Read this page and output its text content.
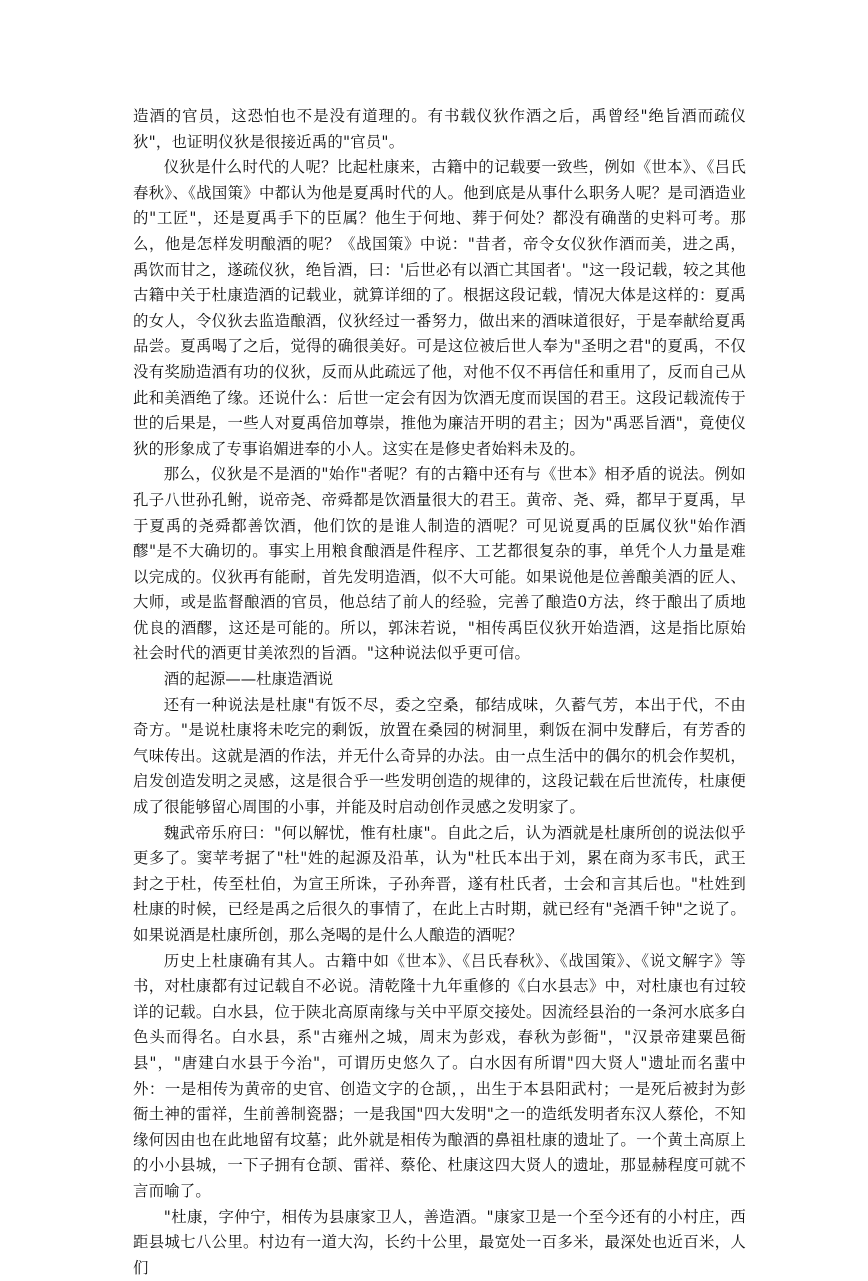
造酒的官员，这恐怕也不是没有道理的。有书载仪狄作酒之后，禹曾经"绝旨酒而疏仪狄"，也证明仪狄是很接近禹的"官员"。

仪狄是什么时代的人呢？比起杜康来，古籍中的记载要一致些，例如《世本》、《吕氏春秋》、《战国策》中都认为他是夏禹时代的人。他到底是从事什么职务人呢？是司酒造业的"工匠"，还是夏禹手下的臣属？他生于何地、葬于何处？都没有确凿的史料可考。那么，他是怎样发明酿酒的呢？《战国策》中说："昔者，帝令女仪狄作酒而美，进之禹，禹饮而甘之，遂疏仪狄，绝旨酒，曰：'后世必有以酒亡其国者'。"这一段记载，较之其他古籍中关于杜康造酒的记载业，就算详细的了。根据这段记载，情况大体是这样的：夏禹的女人，令仪狄去监造酿酒，仪狄经过一番努力，做出来的酒味道很好，于是奉献给夏禹品尝。夏禹喝了之后，觉得的确很美好。可是这位被后世人奉为"圣明之君"的夏禹，不仅没有奖励造酒有功的仪狄，反而从此疏远了他，对他不仅不再信任和重用了，反而自己从此和美酒绝了缘。还说什么：后世一定会有因为饮酒无度而误国的君王。这段记载流传于世的后果是，一些人对夏禹倍加尊崇，推他为廉洁开明的君主；因为"禹恶旨酒"，竟使仪狄的形象成了专事谄媚进奉的小人。这实在是修史者始料未及的。

那么，仪狄是不是酒的"始作"者呢？有的古籍中还有与《世本》相矛盾的说法。例如孔子八世孙孔鲋，说帝尧、帝舜都是饮酒量很大的君王。黄帝、尧、舜，都早于夏禹，早于夏禹的尧舜都善饮酒，他们饮的是谁人制造的酒呢？可见说夏禹的臣属仪狄"始作酒醪"是不大确切的。事实上用粮食酿酒是件程序、工艺都很复杂的事，单凭个人力量是难以完成的。仪狄再有能耐，首先发明造酒，似不大可能。如果说他是位善酿美酒的匠人、大师，或是监督酿酒的官员，他总结了前人的经验，完善了酿造0方法，终于酿出了质地优良的酒醪，这还是可能的。所以，郭沫若说，"相传禹臣仪狄开始造酒，这是指比原始社会时代的酒更甘美浓烈的旨酒。"这种说法似乎更可信。

酒的起源——杜康造酒说

还有一种说法是杜康"有饭不尽，委之空桑，郁结成味，久蓄气芳，本出于代，不由奇方。"是说杜康将未吃完的剩饭，放置在桑园的树洞里，剩饭在洞中发酵后，有芳香的气味传出。这就是酒的作法，并无什么奇异的办法。由一点生活中的偶尔的机会作契机，启发创造发明之灵感，这是很合乎一些发明创造的规律的，这段记载在后世流传，杜康便成了很能够留心周围的小事，并能及时启动创作灵感之发明家了。

魏武帝乐府曰："何以解忧，惟有杜康"。自此之后，认为酒就是杜康所创的说法似乎更多了。窦苹考据了"杜"姓的起源及沿革，认为"杜氏本出于刘，累在商为豕韦氏，武王封之于杜，传至杜伯，为宣王所诛，子孙奔晋，遂有杜氏者，士会和言其后也。"杜姓到杜康的时候，已经是禹之后很久的事情了，在此上古时期，就已经有"尧酒千钟"之说了。如果说酒是杜康所创，那么尧喝的是什么人酿造的酒呢？

历史上杜康确有其人。古籍中如《世本》、《吕氏春秋》、《战国策》、《说文解字》等书，对杜康都有过记载自不必说。清乾隆十九年重修的《白水县志》中，对杜康也有过较详的记载。白水县，位于陕北高原南缘与关中平原交接处。因流经县治的一条河水底多白色头而得名。白水县，系"古雍州之城，周末为彭戏，春秋为彭衙"，"汉景帝建粟邑衙县"，"唐建白水县于今治"，可谓历史悠久了。白水因有所谓"四大贤人"遗址而名蜚中外：一是相传为黄帝的史官、创造文字的仓颉，，出生于本县阳武村；一是死后被封为彭衙土神的雷祥，生前善制瓷器；一是我国"四大发明"之一的造纸发明者东汉人蔡伦，不知缘何因由也在此地留有坟墓；此外就是相传为酿酒的鼻祖杜康的遗址了。一个黄土高原上的小小县城，一下子拥有仓颉、雷祥、蔡伦、杜康这四大贤人的遗址，那显赫程度可就不言而喻了。

"杜康，字仲宁，相传为县康家卫人，善造酒。"康家卫是一个至今还有的小村庄，西距县城七八公里。村边有一道大沟，长约十公里，最宽处一百多米，最深处也近百米，人们
